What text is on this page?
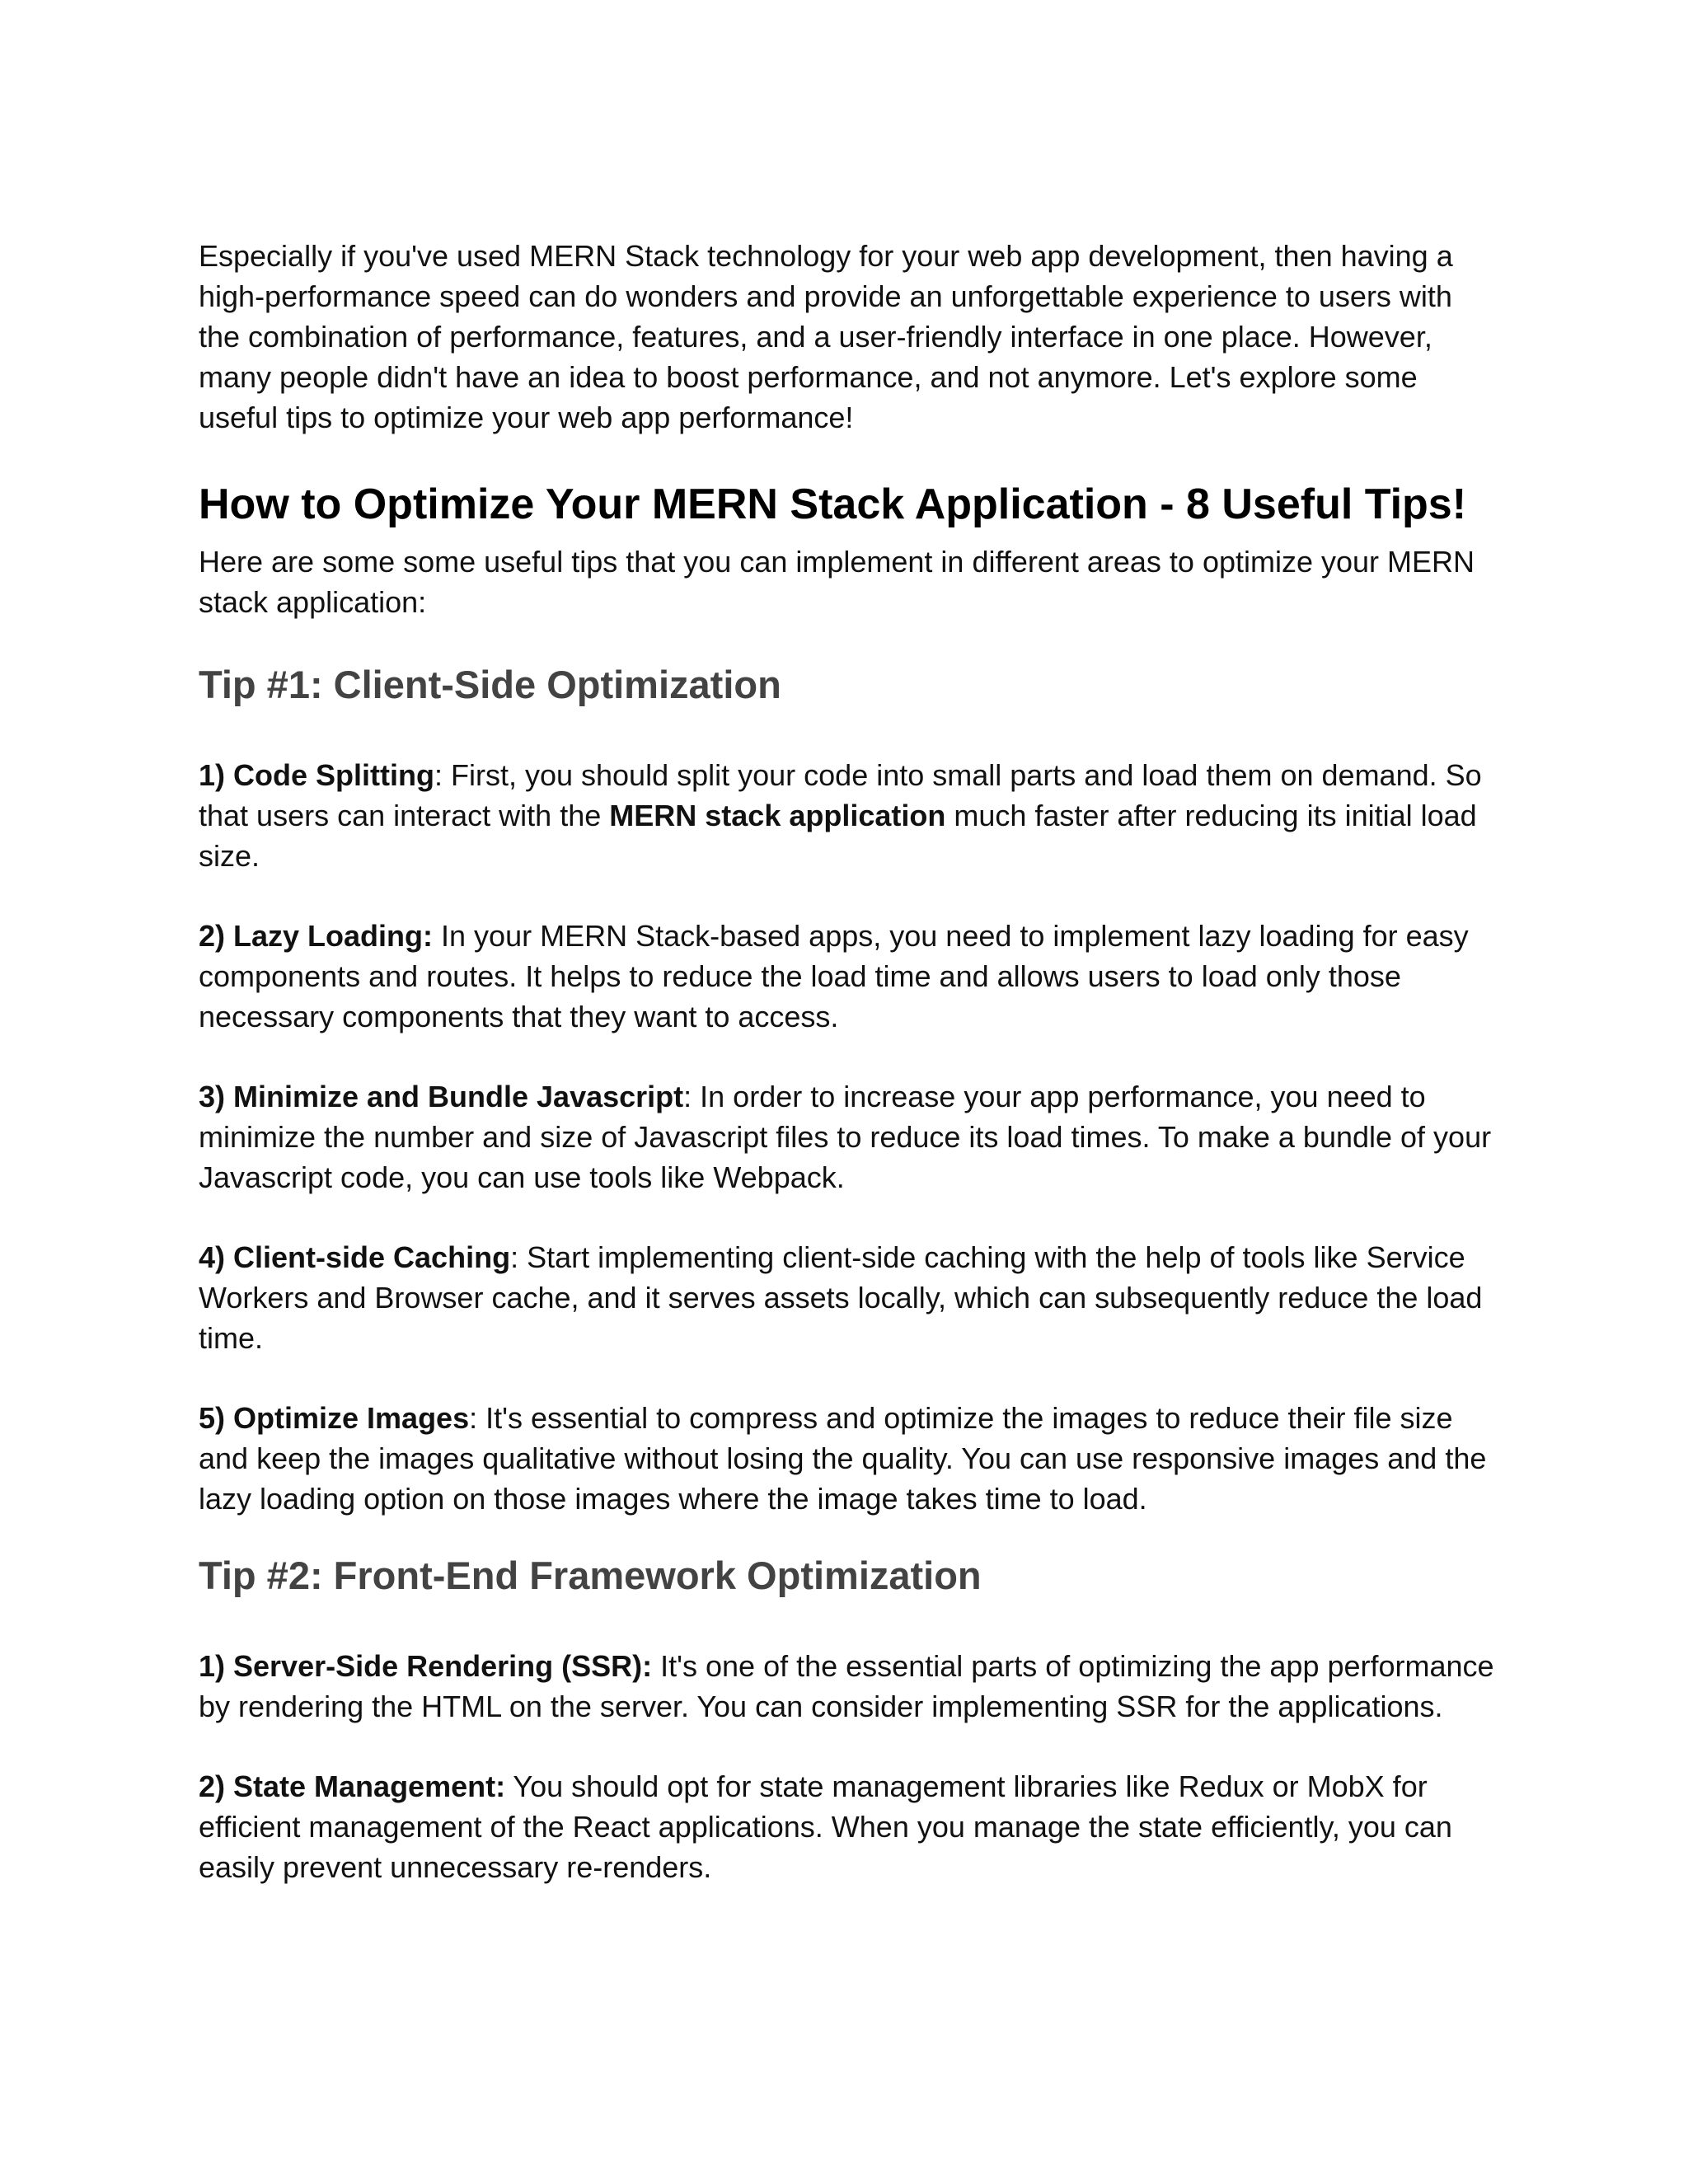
Especially if you've used MERN Stack technology for your web app development, then having a high-performance speed can do wonders and provide an unforgettable experience to users with the combination of performance, features, and a user-friendly interface in one place. However, many people didn't have an idea to boost performance, and not anymore. Let's explore some useful tips to optimize your web app performance!

How to Optimize Your MERN Stack Application - 8 Useful Tips!

Here are some some useful tips that you can implement in different areas to optimize your MERN stack application:

Tip #1: Client-Side Optimization

1) Code Splitting: First, you should split your code into small parts and load them on demand. So that users can interact with the MERN stack application much faster after reducing its initial load size.

2) Lazy Loading: In your MERN Stack-based apps, you need to implement lazy loading for easy components and routes. It helps to reduce the load time and allows users to load only those necessary components that they want to access.

3) Minimize and Bundle Javascript: In order to increase your app performance, you need to minimize the number and size of Javascript files to reduce its load times. To make a bundle of your Javascript code, you can use tools like Webpack.

4) Client-side Caching: Start implementing client-side caching with the help of tools like Service Workers and Browser cache, and it serves assets locally, which can subsequently reduce the load time.

5) Optimize Images: It's essential to compress and optimize the images to reduce their file size and keep the images qualitative without losing the quality. You can use responsive images and the lazy loading option on those images where the image takes time to load.

Tip #2: Front-End Framework Optimization

1) Server-Side Rendering (SSR): It's one of the essential parts of optimizing the app performance by rendering the HTML on the server. You can consider implementing SSR for the applications.

2) State Management: You should opt for state management libraries like Redux or MobX for efficient management of the React applications. When you manage the state efficiently, you can easily prevent unnecessary re-renders.
